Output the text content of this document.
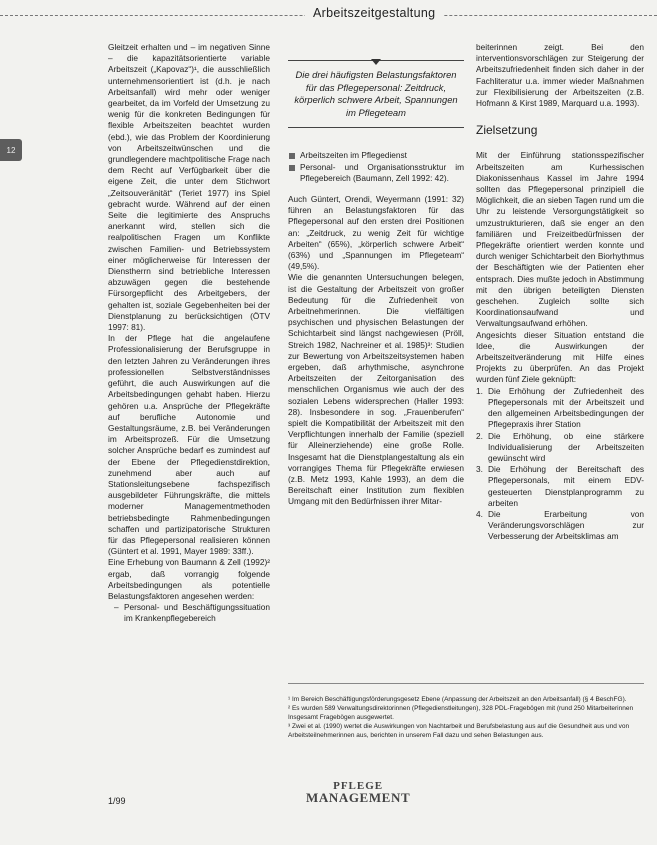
Arbeitszeitgestaltung
12

Gleitzeit erhalten und – im negativen Sinne – die kapazitätsorientierte variable Arbeitszeit („Kapovaz“)¹, die ausschließlich unternehmensorientiert ist (d.h. je nach Arbeitsanfall) wird mehr oder weniger gearbeitet, da im Vorfeld der Umsetzung zu wenig für die konkreten Bedingungen für flexible Arbeitszeiten beachtet wurden (ebd.), wie das Problem der Koordinierung von Arbeitszeitwünschen und die grundlegendere machtpolitische Frage nach dem Recht auf Verfügbarkeit über die eigene Zeit, die unter dem Stichwort „Zeitsouveränität“ (Teriet 1977) ins Spiel gebracht wurde. Während auf der einen Seite die legitimierte des Anspruchs anerkannt wird, stellen sich die realpolitischen Fragen um Konflikte zwischen Familien- und Betriebssystem einer möglicherweise für Interessen der Dienstherrn sind betriebliche Interessen abzuwägen gegen die bestehende Fürsorgepflicht des Arbeitgebers, der gehalten ist, soziale Gegebenheiten bei der Dienstplanung zu berücksichtigen (ÖTV 1997: 81).

In der Pflege hat die angelaufene Professionalisierung der Berufsgruppe in den letzten Jahren zu Veränderungen ihres professionellen Selbstverständnisses geführt, die auch Auswirkungen auf die Arbeitsbedingungen gehabt haben. Hierzu gehören u.a. Ansprüche der Pflegekräfte auf berufliche Autonomie und Gestaltungsräume, z.B. bei Veränderungen im Arbeitsprozeß. Für die Umsetzung solcher Ansprüche bedarf es zumindest auf der Ebene der Pflegedienstdirektion, zunehmend aber auch auf Stationsleitungsebene fachspezifisch ausgebildeter Führungskräfte, die mittels moderner Managementmethoden betriebsbedingte Rahmenbedingungen schaffen und partizipatorische Strukturen für das Pflegepersonal realisieren können (Güntert et al. 1991, Mayer 1989: 33ff.).

Eine Erhebung von Baumann & Zell (1992)² ergab, daß vorrangig folgende Arbeitsbedingungen als potentielle Belastungsfaktoren angesehen werden:

– Personal- und Beschäftigungssituation im Krankenpflegebereich
Die drei häufigsten Belastungsfaktoren für das Pflegepersonal: Zeitdruck, körperlich schwere Arbeit, Spannungen im Pflegeteam
Arbeitszeiten im Pflegedienst
Personal- und Organisationsstruktur im Pflegebereich (Baumann, Zell 1992: 42).

Auch Güntert, Orendi, Weyermann (1991: 32) führen an Belastungsfaktoren für das Pflegepersonal auf den ersten drei Positionen an: „Zeitdruck, zu wenig Zeit für wichtige Arbeiten“ (65%), „körperlich schwere Arbeit“ (63%) und „Spannungen im Pflegeteam“ (49,5%).

Wie die genannten Untersuchungen belegen, ist die Gestaltung der Arbeitszeit von großer Bedeutung für die Zufriedenheit von Arbeitnehmerinnen. Die vielfältigen psychischen und physischen Belastungen der Schichtarbeit sind längst nachgewiesen (Pröll, Streich 1982, Nachreiner et al. 1985)³: Studien zur Bewertung von Arbeitszeitsystemen haben ergeben, daß arhythmische, asynchrone Arbeitszeiten der Zeitorganisation des menschlichen Organismus wie auch der des sozialen Lebens widersprechen (Haller 1993: 28). Insbesondere in sog. „Frauenberufen“ spielt die Kompatibilität der Arbeitszeit mit den Verpflichtungen innerhalb der Familie (speziell für Alleinerziehende) eine große Rolle. Insgesamt hat die Dienstplangestaltung als ein vorrangiges Thema für Pflegekräfte erwiesen (z.B. Metz 1993, Kahle 1993), an dem die Bereitschaft einer Institution zum flexiblen Umgang mit den Bedürfnissen ihrer Mitar-

beiterinnen zeigt. Bei den interventionsvorschlägen zur Steigerung der Arbeitszufriedenheit finden sich daher in der Fachliteratur u.a. immer wieder Maßnahmen zur Flexibilisierung der Arbeitszeiten (z.B. Hofmann & Kirst 1989, Marquard u.a. 1993).

Zielsetzung

Mit der Einführung stationsspezifischer Arbeitszeiten am Kurhessischen Diakonissenhaus Kassel im Jahre 1994 sollten das Pflegepersonal prinzipiell die Möglichkeit, die an sieben Tagen rund um die Uhr zu leistende Versorgungstätigkeit so umzustrukturieren, daß sie enger an den familiären und Freizeitbedürfnissen der Pflegekräfte orientiert werden konnte und durch weniger Schichtarbeit den Biorhythmus der Beschäftigten wie der Patienten eher entsprach. Dies mußte jedoch in Abstimmung mit den übrigen beteiligten Diensten geschehen. Zugleich sollte sich Koordinationsaufwand und Verwaltungsaufwand erhöhen.

Angesichts dieser Situation entstand die Idee, die Auswirkungen der Arbeitszeitveränderung mit Hilfe eines Projekts zu überprüfen. An das Projekt wurden fünf Ziele geknüpft:

1. Die Erhöhung der Zufriedenheit des Pflegepersonals mit der Arbeitszeit und den allgemeinen Arbeitsbedingungen der Pflegepraxis ihrer Station
2. Die Erhöhung, ob eine stärkere Individualisierung der Arbeitszeiten gewünscht wird
3. Die Erhöhung der Bereitschaft des Pflegepersonals, mit einem EDV-gesteuerten Dienstplanprogramm zu arbeiten
4. Die Erarbeitung von Veränderungsvorschlägen zur Verbesserung der Arbeitsklimas am

¹ Im Bereich Beschäftigungsförderungsgesetz Ebene (Anpassung der Arbeitszeit an den Arbeitsanfall) (§ 4 BeschFG).

² Es wurden 589 Verwaltungsdirektorinnen (Pflegedienstleitungen), 328 PDL-Fragebögen mit (rund 250 Mitarbeiterinnen Insgesamt Fragebögen ausgewertet.

³ Zwei et al. (1990) wertet die Auswirkungen von Nachtarbeit und Berufsbelastung aus auf die Gesundheit aus und von Arbeitsteilnehmerinnen aus, berichten in unserem Fall dazu und sehen Belastungen aus.

1/99
PFLEGE
MANAGEMENT
